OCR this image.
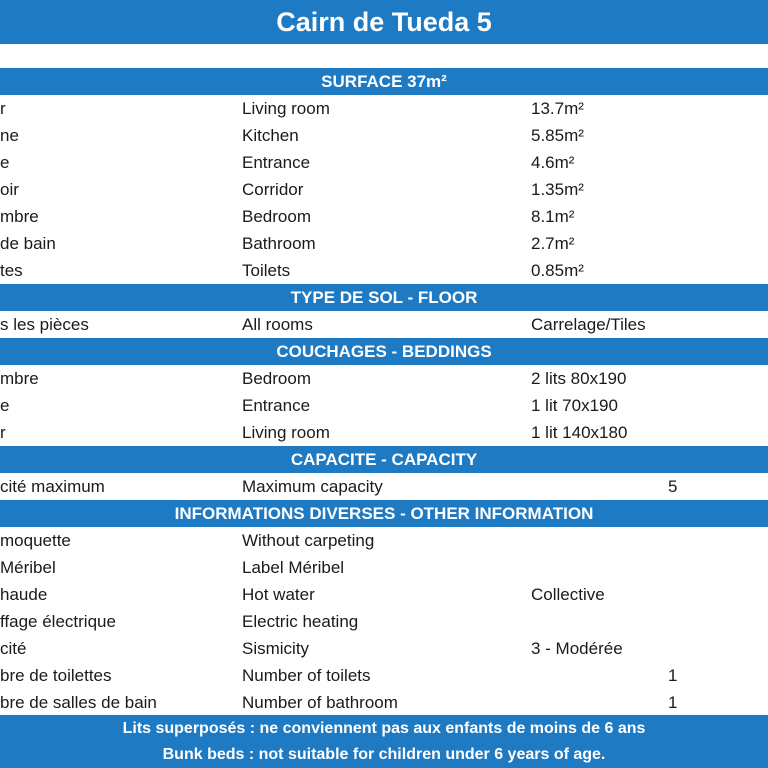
Cairn de Tueda 5
SURFACE 37m²
r	Living room	13.7m²
ne	Kitchen	5.85m²
e	Entrance	4.6m²
oir	Corridor	1.35m²
mbre	Bedroom	8.1m²
de bain	Bathroom	2.7m²
tes	Toilets	0.85m²
TYPE DE SOL - FLOOR
s les pièces	All rooms	Carrelage/Tiles
COUCHAGES - BEDDINGS
mbre	Bedroom	2 lits 80x190
e	Entrance	1 lit 70x190
r	Living room	1 lit 140x180
CAPACITE - CAPACITY
cité maximum	Maximum capacity	5
INFORMATIONS DIVERSES - OTHER INFORMATION
moquette	Without carpeting
Méribel	Label Méribel
haude	Hot water	Collective
ffage électrique	Electric heating
cité	Sismicity	3 - Modérée
bre de toilettes	Number of toilets	1
bre de salles de bain	Number of bathroom	1
Lits superposés : ne conviennent pas aux enfants de moins de 6 ans
Bunk beds : not suitable for children under 6 years of age.
